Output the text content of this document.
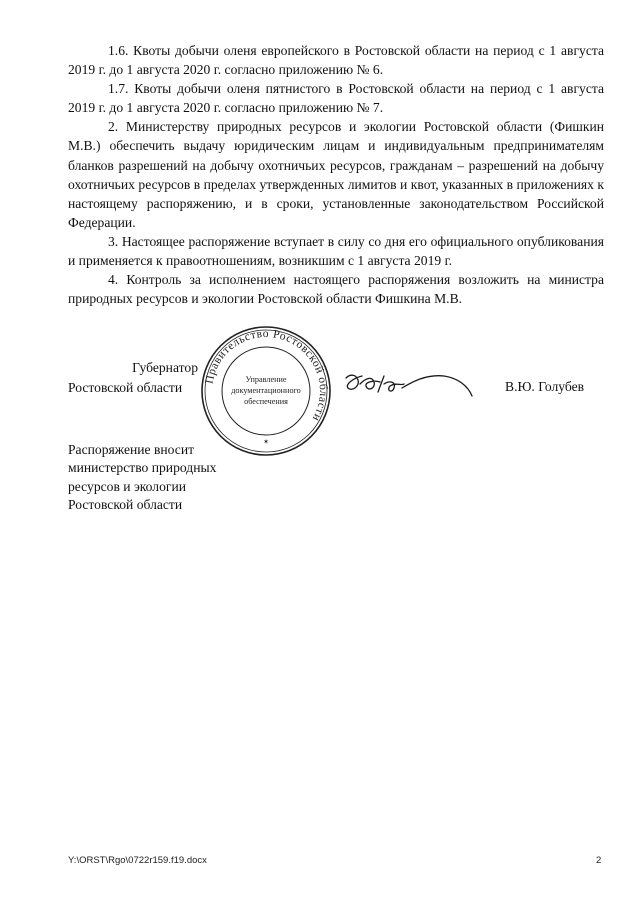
1.6. Квоты добычи оленя европейского в Ростовской области на период с 1 августа 2019 г. до 1 августа 2020 г. согласно приложению № 6.

1.7. Квоты добычи оленя пятнистого в Ростовской области на период с 1 августа 2019 г. до 1 августа 2020 г. согласно приложению № 7.

2. Министерству природных ресурсов и экологии Ростовской области (Фишкин М.В.) обеспечить выдачу юридическим лицам и индивидуальным предпринимателям бланков разрешений на добычу охотничьих ресурсов, гражданам – разрешений на добычу охотничьих ресурсов в пределах утвержденных лимитов и квот, указанных в приложениях к настоящему распоряжению, и в сроки, установленные законодательством Российской Федерации.

3. Настоящее распоряжение вступает в силу со дня его официального опубликования и применяется к правоотношениям, возникшим с 1 августа 2019 г.

4. Контроль за исполнением настоящего распоряжения возложить на министра природных ресурсов и экологии Ростовской области Фишкина М.В.

Губернатор
Ростовской области
Правительство Ростовской области
Управление
документационного
обеспечения
✶
В.Ю. Голубев
Распоряжение вносит
министерство природных
ресурсов и экологии
Ростовской области
Y:\ORST\Rgo\0722r159.f19.docx	2
